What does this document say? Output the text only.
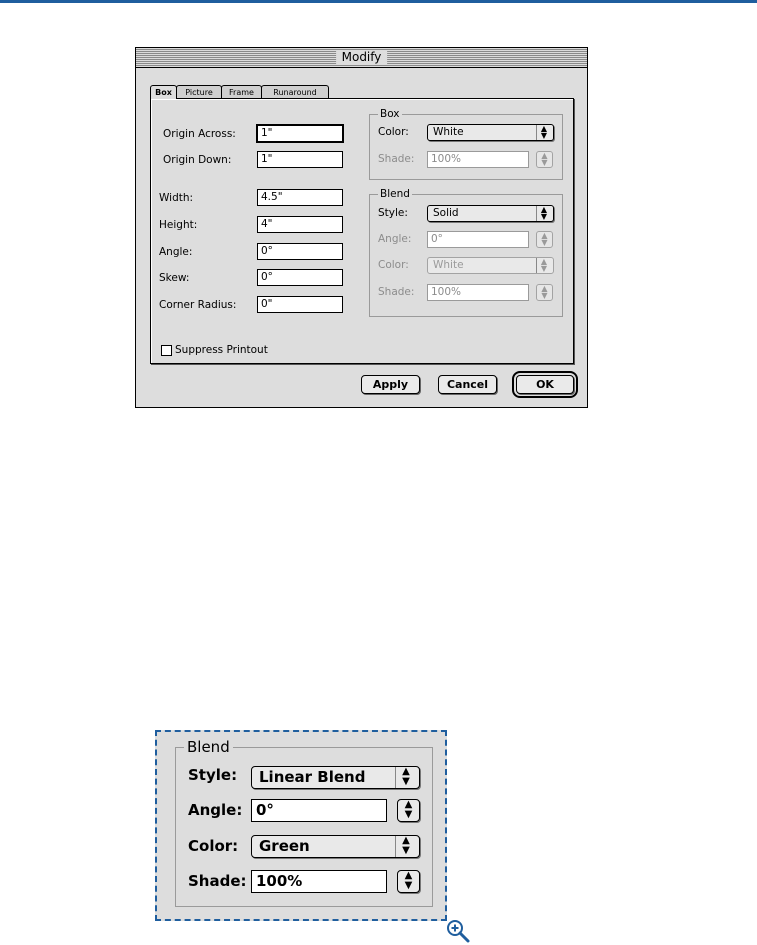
Modify
Box	Picture	Frame	Runaround
Origin Across:	1"
Origin Down:	1"
Width:	4.5"
Height:	4"
Angle:	0°
Skew:	0°
Corner Radius:	0"
Box
Color:	White	▲
▼
Shade:	100%	▲
▼
Blend
Style:	Solid	▲
▼
Angle:	0°	▲
▼
Color:	White	▲
▼
Shade:	100%	▲
▼
Suppress Printout
Apply	Cancel	OK
Blend
Style:	Linear Blend	▲
▼
Angle: 0°	▲
▼
Color:	Green	▲
▼
Shade: 100%	▲
▼
